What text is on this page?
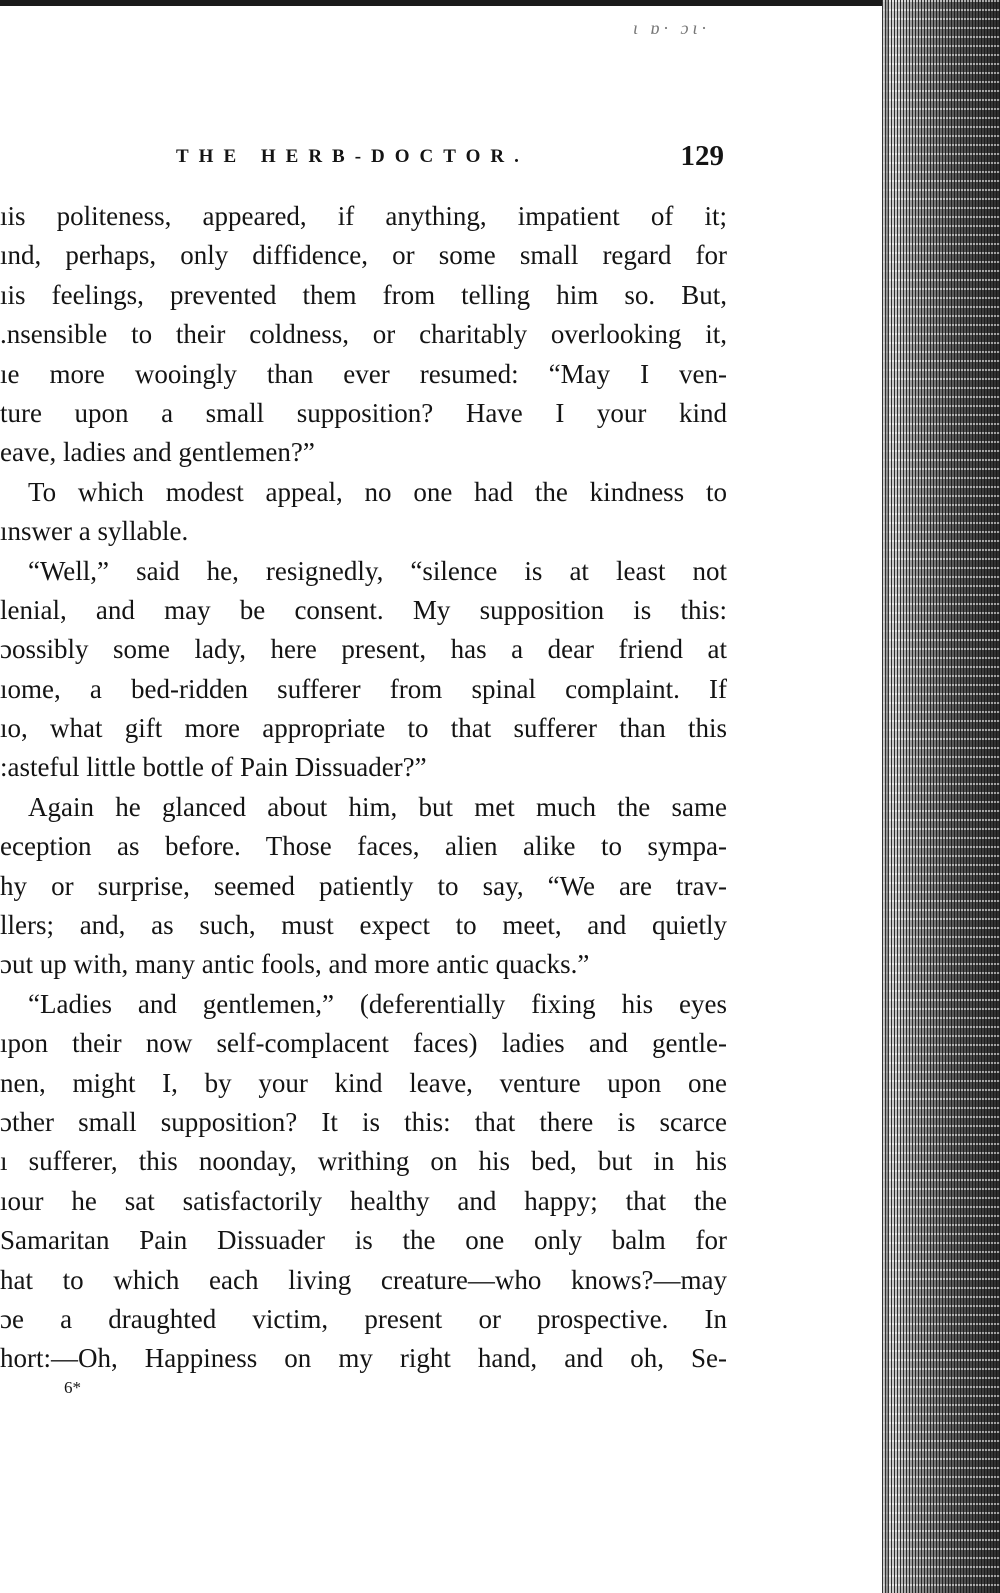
ɩ ɒ· ɔɩ·
THE HERB-DOCTOR.	129
ıis politeness, appeared, if anything, impatient of it;
ınd, perhaps, only diffidence, or some small regard for
ıis feelings, prevented them from telling him so. But,
.nsensible to their coldness, or charitably overlooking it,
ıe more wooingly than ever resumed: “May I ven-
ture upon a small supposition? Have I your kind
eave, ladies and gentlemen?”
To which modest appeal, no one had the kindness to
ınswer a syllable.
“Well,” said he, resignedly, “silence is at least not
lenial, and may be consent. My supposition is this:
ɔossibly some lady, here present, has a dear friend at
ıome, a bed-ridden sufferer from spinal complaint. If
ıo, what gift more appropriate to that sufferer than this
:asteful little bottle of Pain Dissuader?”
Again he glanced about him, but met much the same
eception as before. Those faces, alien alike to sympa-
hy or surprise, seemed patiently to say, “We are trav-
llers; and, as such, must expect to meet, and quietly
ɔut up with, many antic fools, and more antic quacks.”
“Ladies and gentlemen,” (deferentially fixing his eyes
ıpon their now self-complacent faces) ladies and gentle-
nen, might I, by your kind leave, venture upon one
ɔther small supposition? It is this: that there is scarce
ı sufferer, this noonday, writhing on his bed, but in his
ıour he sat satisfactorily healthy and happy; that the
Samaritan Pain Dissuader is the one only balm for
hat to which each living creature—who knows?—may
ɔe a draughted victim, present or prospective. In
hort:—Oh, Happiness on my right hand, and oh, Se-
6*
